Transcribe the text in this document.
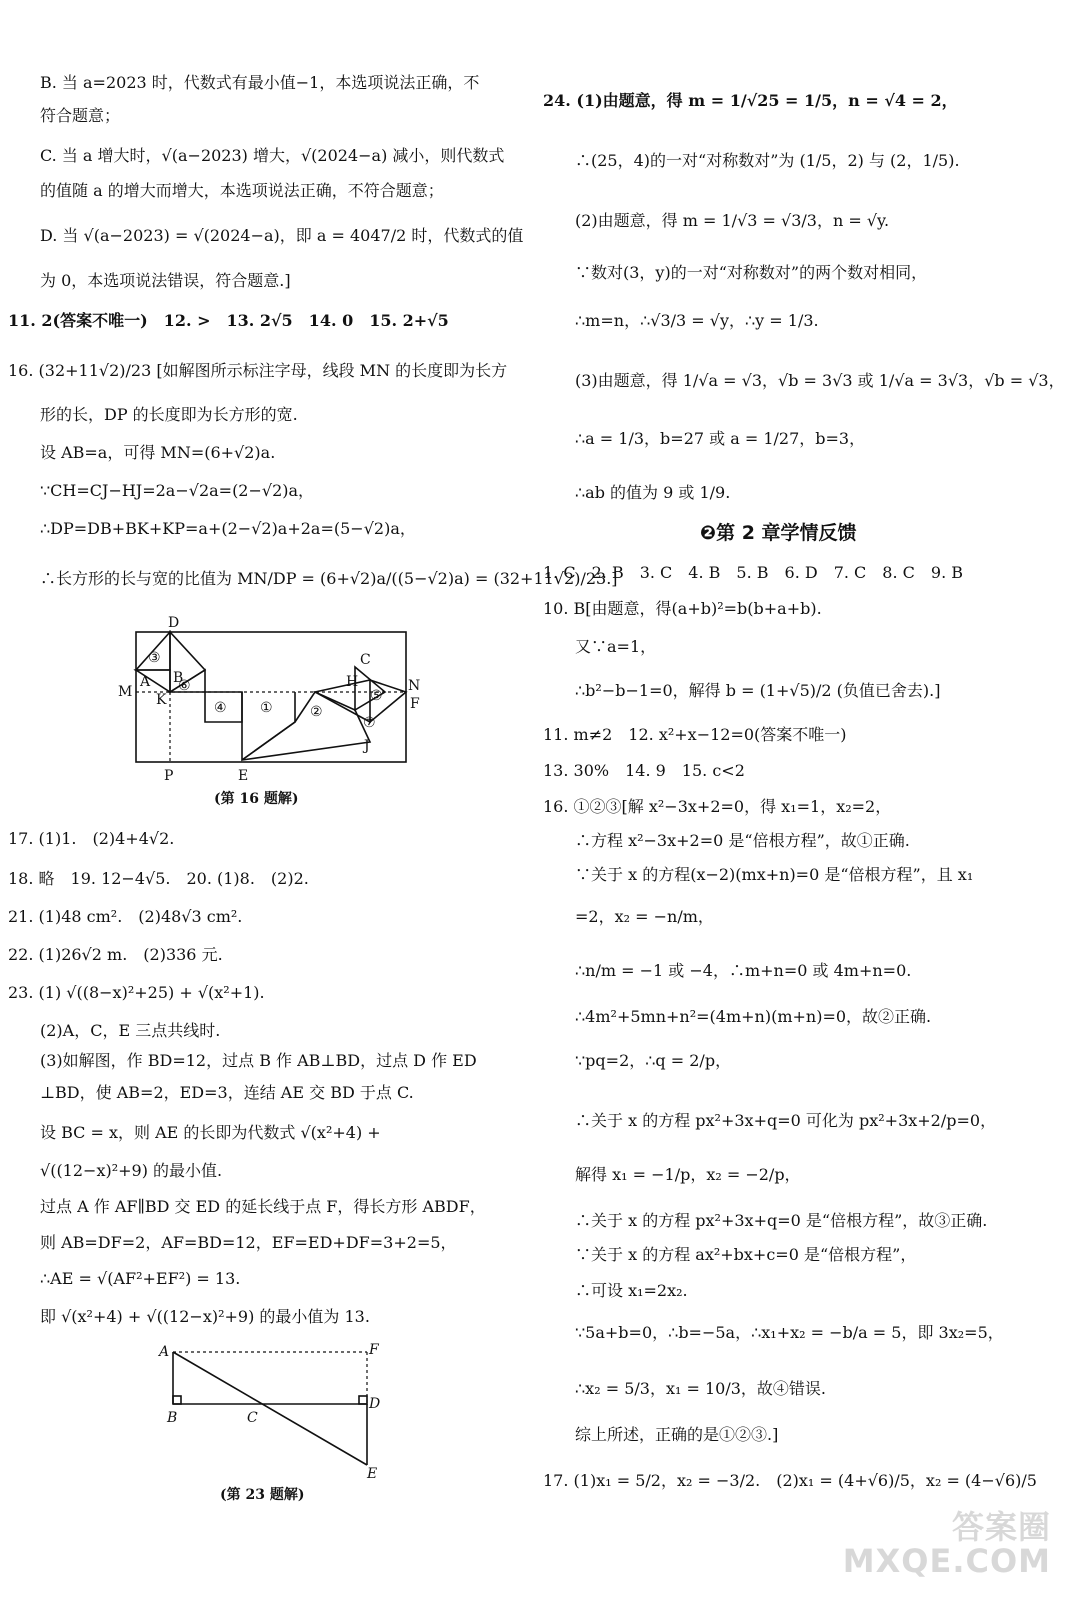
B. 当 a=2023 时，代数式有最小值−1，本选项说法正确，不
符合题意；
C. 当 a 增大时，√(a−2023) 增大，√(2024−a) 减小，则代数式
的值随 a 的增大而增大，本选项说法正确，不符合题意；
D. 当 √(a−2023) = √(2024−a)，即 a = 4047/2 时，代数式的值
为 0，本选项说法错误，符合题意.]
11. 2(答案不唯一)　12. >　13. 2√5　14. 0　15. 2+√5
16. (32+11√2)/23 [如解图所示标注字母，线段 MN 的长度即为长方
形的长，DP 的长度即为长方形的宽.
设 AB=a，可得 MN=(6+√2)a.
∵CH=CJ−HJ=2a−√2a=(2−√2)a，
∴DP=DB+BK+KP=a+(2−√2)a+2a=(5−√2)a，
∴长方形的长与宽的比值为 MN/DP = (6+√2)a/((5−√2)a) = (32+11√2)/23.]
17. (1)1.　(2)4+4√2.
18. 略　19. 12−4√5.　20. (1)8.　(2)2.
21. (1)48 cm².　(2)48√3 cm².
22. (1)26√2 m.　(2)336 元.
23. (1) √((8−x)²+25) + √(x²+1).
(2)A，C，E 三点共线时.
(3)如解图，作 BD=12，过点 B 作 AB⊥BD，过点 D 作 ED
⊥BD，使 AB=2，ED=3，连结 AE 交 BD 于点 C.
设 BC = x，则 AE 的长即为代数式 √(x²+4) +
√((12−x)²+9) 的最小值.
过点 A 作 AF∥BD 交 ED 的延长线于点 F，得长方形 ABDF，
则 AB=DF=2，AF=BD=12，EF=ED+DF=3+2=5，
∴AE = √(AF²+EF²) = 13.
即 √(x²+4) + √((12−x)²+9) 的最小值为 13.
24. (1)由题意，得 m = 1/√25 = 1/5，n = √4 = 2，
∴(25，4)的一对“对称数对”为 (1/5，2) 与 (2，1/5).
(2)由题意，得 m = 1/√3 = √3/3，n = √y.
∵数对(3，y)的一对“对称数对”的两个数对相同，
∴m=n，∴√3/3 = √y，∴y = 1/3.
(3)由题意，得 1/√a = √3，√b = 3√3 或 1/√a = 3√3，√b = √3，
∴a = 1/3，b=27 或 a = 1/27，b=3，
∴ab 的值为 9 或 1/9.
1. C　2. B　3. C　4. B　5. B　6. D　7. C　8. C　9. B
10. B[由题意，得(a+b)²=b(b+a+b).
又∵a=1，
∴b²−b−1=0，解得 b = (1+√5)/2 (负值已舍去).]
11. m≠2　12. x²+x−12=0(答案不唯一)
13. 30%　14. 9　15. c<2
16. ①②③[解 x²−3x+2=0，得 x₁=1，x₂=2，
∴方程 x²−3x+2=0 是“倍根方程”，故①正确.
∵关于 x 的方程(x−2)(mx+n)=0 是“倍根方程”，且 x₁
=2，x₂ = −n/m，
∴n/m = −1 或 −4，∴m+n=0 或 4m+n=0.
∴4m²+5mn+n²=(4m+n)(m+n)=0，故②正确.
∵pq=2，∴q = 2/p，
∴关于 x 的方程 px²+3x+q=0 可化为 px²+3x+2/p=0，
解得 x₁ = −1/p，x₂ = −2/p，
∴关于 x 的方程 px²+3x+q=0 是“倍根方程”，故③正确.
∵关于 x 的方程 ax²+bx+c=0 是“倍根方程”，
∴可设 x₁=2x₂.
∵5a+b=0，∴b=−5a，∴x₁+x₂ = −b/a = 5，即 3x₂=5，
∴x₂ = 5/3，x₁ = 10/3，故④错误.
综上所述，正确的是①②③.]
17. (1)x₁ = 5/2，x₂ = −3/2.　(2)x₁ = (4+√6)/5，x₂ = (4−√6)/5
❷第 2 章学情反馈
D
A B
M K
③
⑥
④ ①	②
⑦
⑤
C
H	N
F
J
P	E
(第 16 题解)
A	F
B	C
D
E
(第 23 题解)
答案圈
MXQE.COM
